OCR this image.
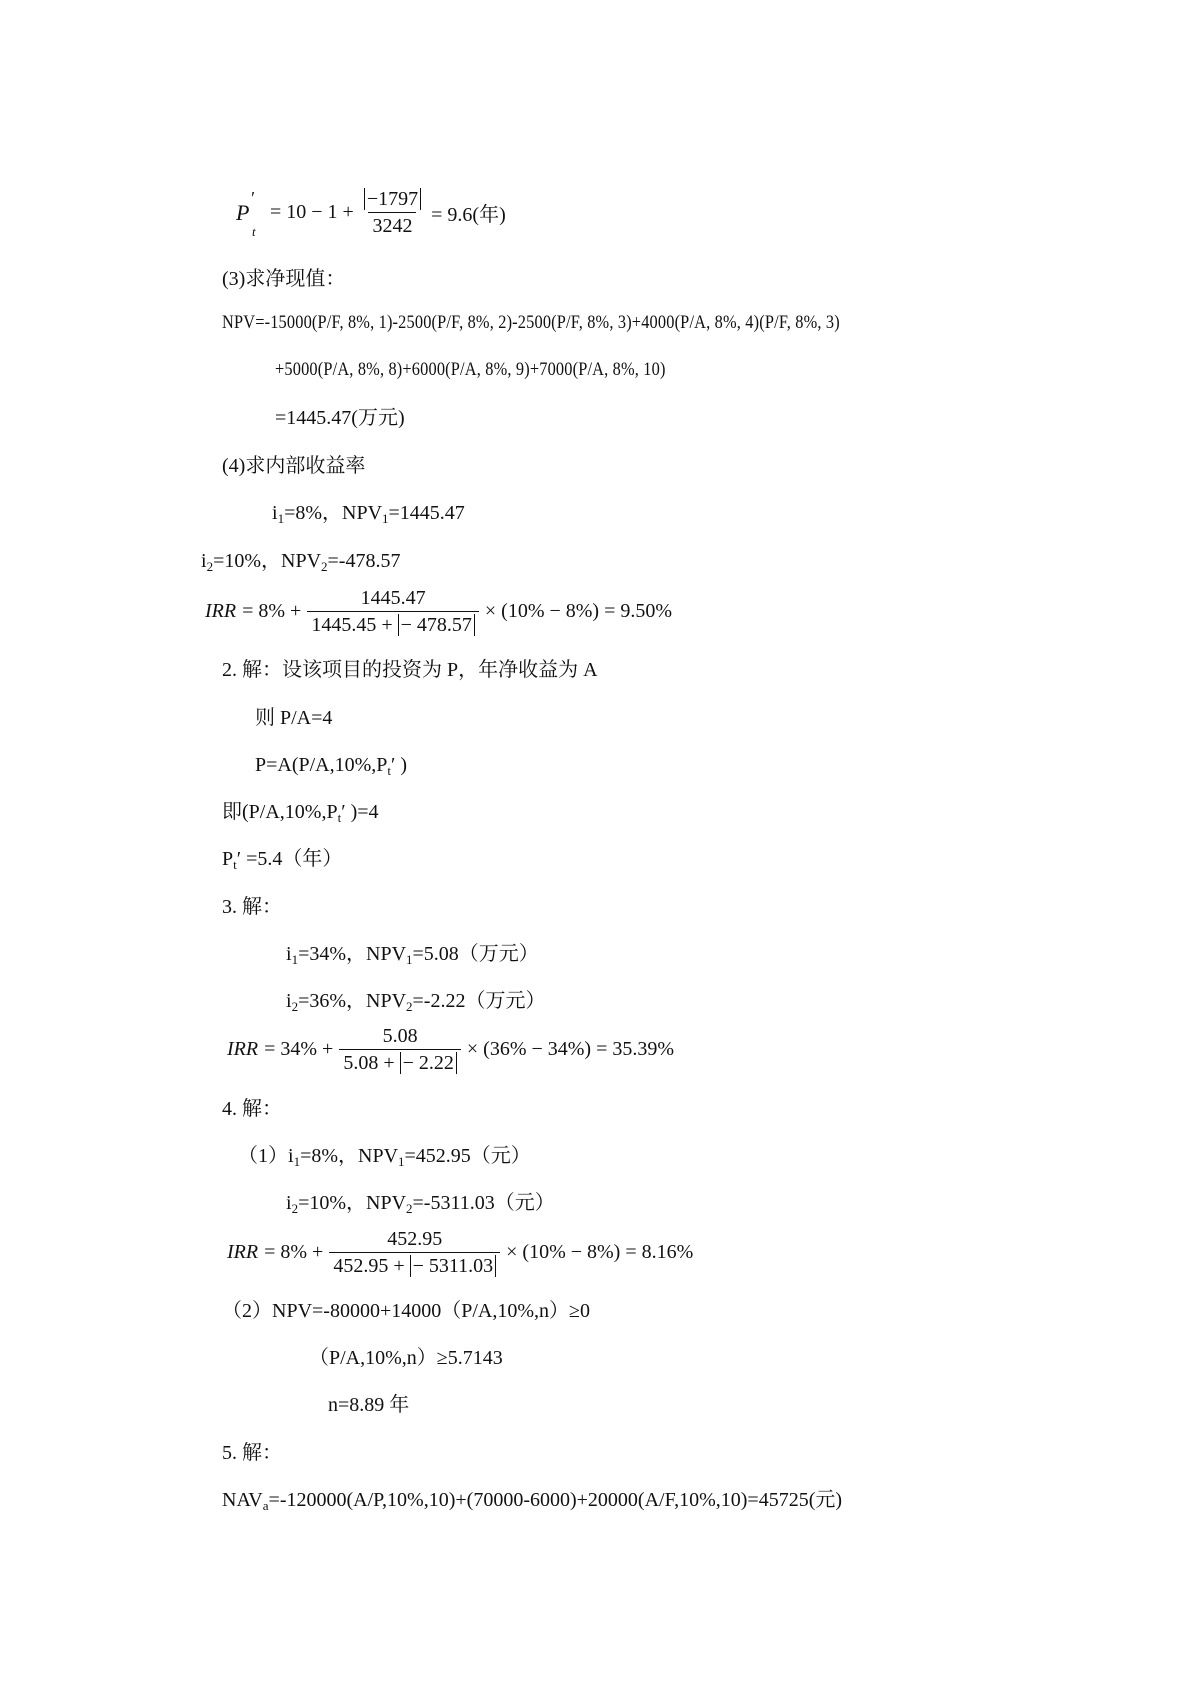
P
′
t
= $10 - 1 + \frac{-1797}{3242} = 9.6$(年)
(3)求净现值：
NPV=-15000(P/F, 8%, 1)-2500(P/F, 8%, 2)-2500(P/F, 8%, 3)+4000(P/A, 8%, 4)(P/F, 8%, 3)
+5000(P/A, 8%, 8)+6000(P/A, 8%, 9)+7000(P/A, 8%, 10)
=1445.47(万元)
(4)求内部收益率
$i_1=8\%$，$NPV_1=1445.47$
$i_2=10\%$，$NPV_2=-478.57$
IRR = $8\% + \frac{1445.47}{1445.45 + - 478.57} \times (10\% - 8\%) = 9.50\%$
2. 解：设该项目的投资为 P，年净收益为 A
则 P/A=4
$P=A(P/A,10\%,P_t'$ )
即($P/A,10\%,P_t'$ )=4
$P_t' =5.4$（年）
3. 解：
$i_1=34\%$，$NPV_1=5.08$（万元）
$i_2=36\%$，$NPV_2=-2.22$（万元）
IRR = $34\% + \frac{5.08}{5.08 + - 2.22} \times (36\% - 34\%) = 35.39\%$
4. 解：
$(1)i_1=8\%$，$NPV_1=452.95$（元）
$i_2=10\%$，$NPV_2=-5311.03$（元）
IRR = $8\% + \frac{452.95}{452.95 + - 5311.03} \times (10\% - 8\%) = 8.16\%$
（2）NPV=-80000+14000（P/A,10%,n）≥0
（P/A,10%,n）≥5.7143
n=8.89 年
5. 解：
$NAV_a=-120000(A/P,10\%,10)+(70000-6000)+20000(A/F,10\%,10)=45725$(元)
